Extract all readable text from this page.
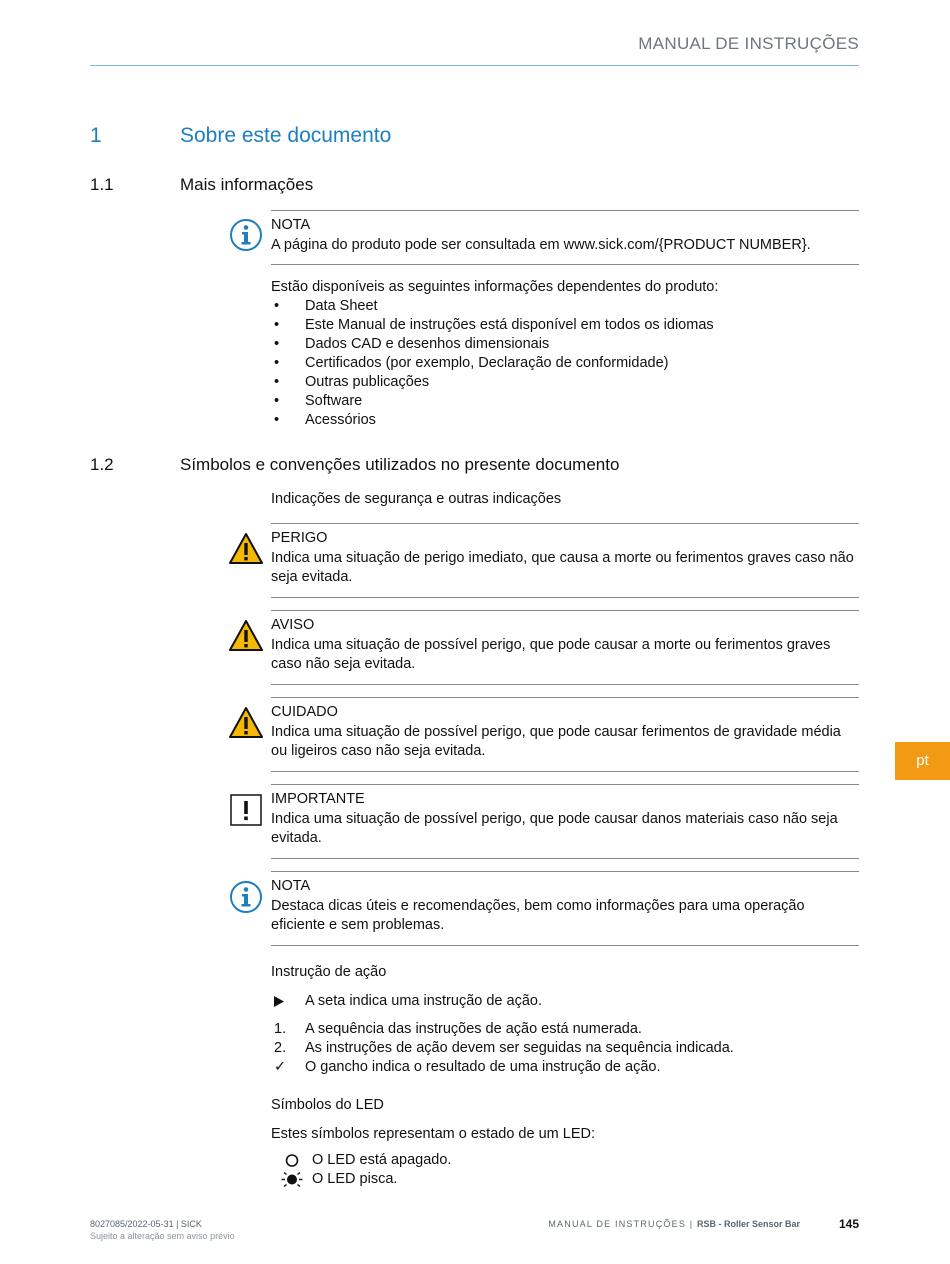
MANUAL DE INSTRUÇÕES
1	Sobre este documento
1.1	Mais informações
NOTA
A página do produto pode ser consultada em www.sick.com/{PRODUCT NUMBER}.
Estão disponíveis as seguintes informações dependentes do produto:
•	Data Sheet
•	Este Manual de instruções está disponível em todos os idiomas
•	Dados CAD e desenhos dimensionais
•	Certificados (por exemplo, Declaração de conformidade)
•	Outras publicações
•	Software
•	Acessórios
1.2	Símbolos e convenções utilizados no presente documento
Indicações de segurança e outras indicações
PERIGO
Indica uma situação de perigo imediato, que causa a morte ou ferimentos graves caso não seja evitada.
AVISO
Indica uma situação de possível perigo, que pode causar a morte ou ferimentos graves caso não seja evitada.
CUIDADO
Indica uma situação de possível perigo, que pode causar ferimentos de gravidade média ou ligeiros caso não seja evitada.
IMPORTANTE
Indica uma situação de possível perigo, que pode causar danos materiais caso não seja evitada.
NOTA
Destaca dicas úteis e recomendações, bem como informações para uma operação eficiente e sem problemas.
Instrução de ação
A seta indica uma instrução de ação.
1.	A sequência das instruções de ação está numerada.
2.	As instruções de ação devem ser seguidas na sequência indicada.
✓	O gancho indica o resultado de uma instrução de ação.
Símbolos do LED
Estes símbolos representam o estado de um LED:
O LED está apagado.
O LED pisca.
pt
8027085/2022-05-31 | SICK
Sujeito a alteração sem aviso prévio
MANUAL DE INSTRUÇÕES | RSB - Roller Sensor Bar	145
